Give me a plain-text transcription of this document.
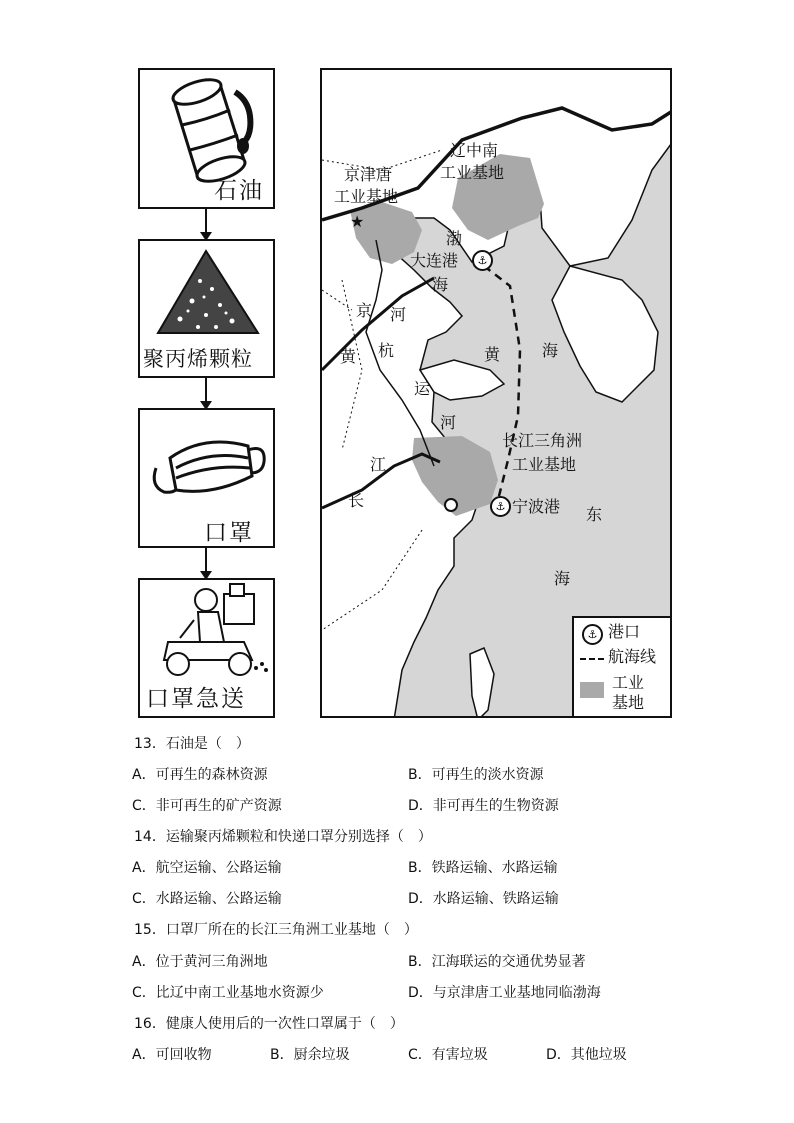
石油
聚丙烯颗粒
口罩
口罩急送
京津唐
工业基地
★
辽中南
工业基地
渤
大连港	⚓
海
京 河
黄 杭	黄	海
运
河
长江三角洲
工业基地
江
长	⚓ 宁波港 东
海
⚓ 港口
航海线
工业
基地
13．石油是（　）
A．可再生的森林资源	B．可再生的淡水资源
C．非可再生的矿产资源	D．非可再生的生物资源
14．运输聚丙烯颗粒和快递口罩分别选择（　）
A．航空运输、公路运输	B．铁路运输、水路运输
C．水路运输、公路运输	D．水路运输、铁路运输
15．口罩厂所在的长江三角洲工业基地（　）
A．位于黄河三角洲地	B．江海联运的交通优势显著
C．比辽中南工业基地水资源少	D．与京津唐工业基地同临渤海
16．健康人使用后的一次性口罩属于（　）
A．可回收物	B．厨余垃圾	C．有害垃圾	D．其他垃圾
